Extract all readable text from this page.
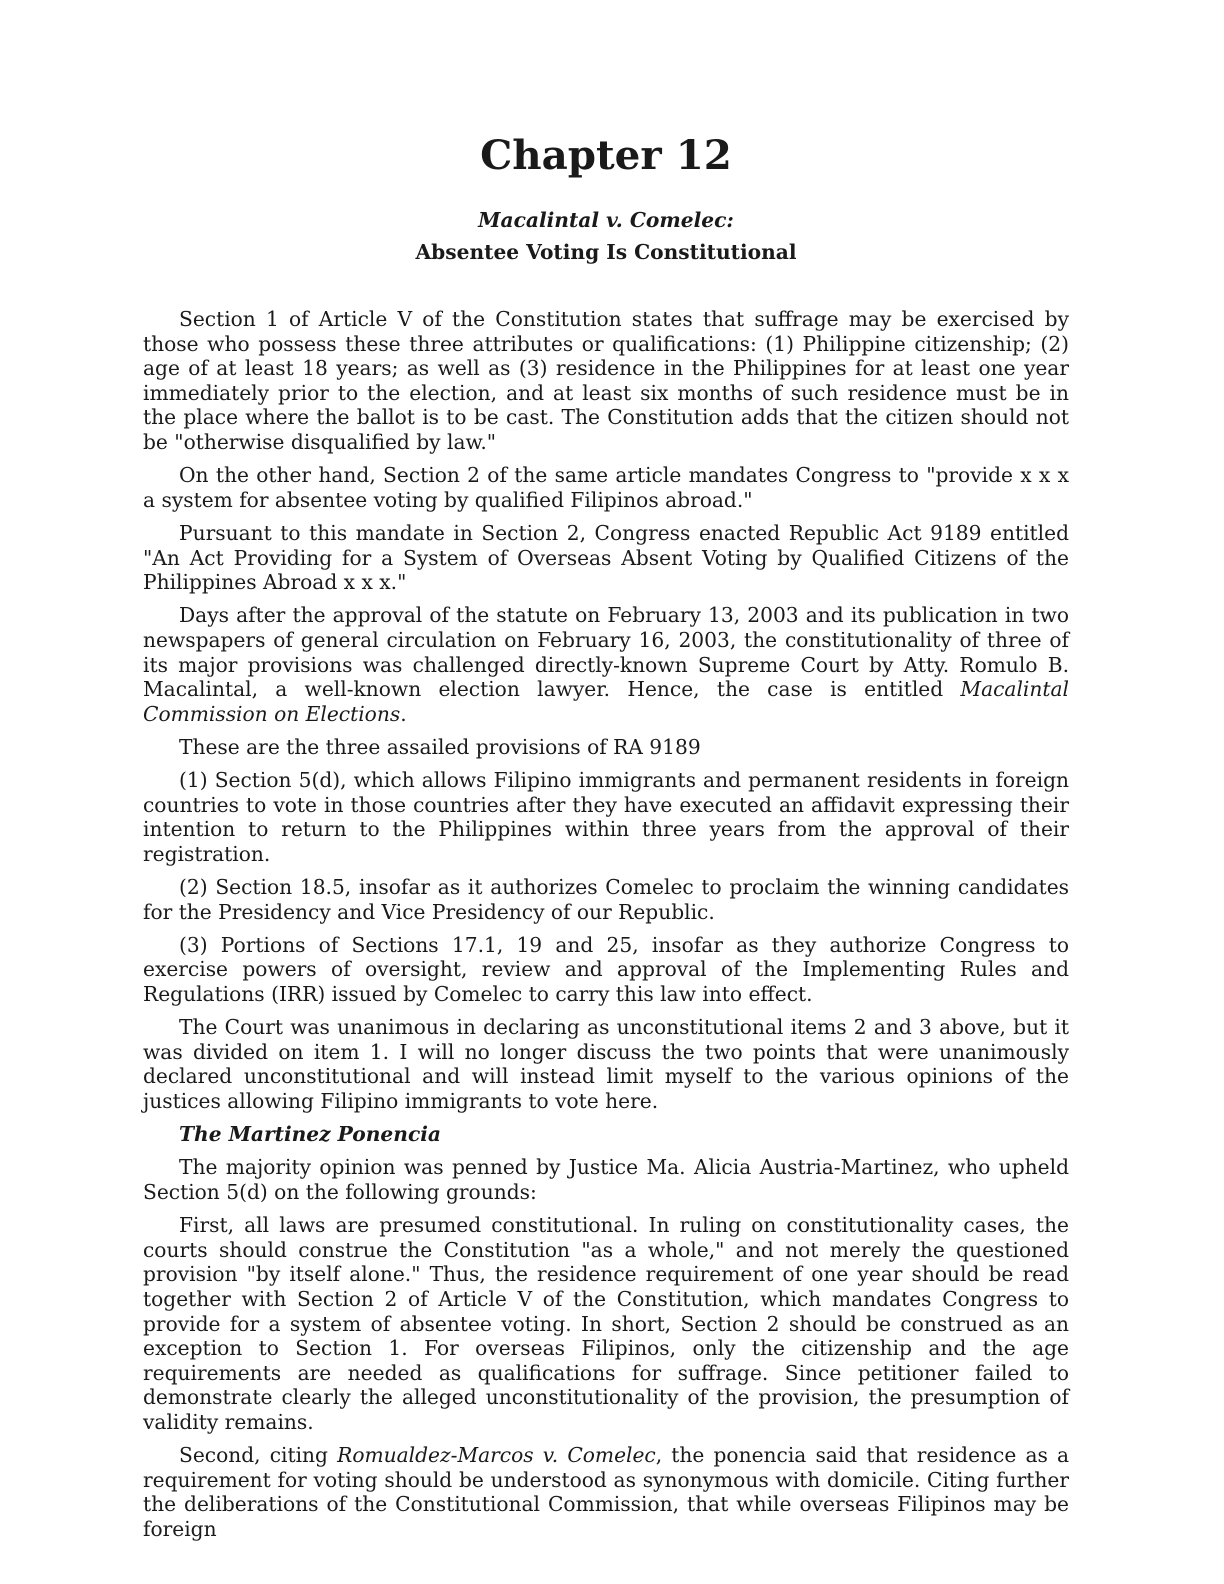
Chapter 12
Macalintal v. Comelec:
Absentee Voting Is Constitutional

Section 1 of Article V of the Constitution states that suffrage may be exercised by those who possess these three attributes or qualifications: (1) Philippine citizenship; (2) age of at least 18 years; as well as (3) residence in the Philippines for at least one year immediately prior to the election, and at least six months of such residence must be in the place where the ballot is to be cast. The Constitution adds that the citizen should not be "otherwise disqualified by law."

On the other hand, Section 2 of the same article mandates Congress to "provide x x x a system for absentee voting by qualified Filipinos abroad."

Pursuant to this mandate in Section 2, Congress enacted Republic Act 9189 entitled "An Act Providing for a System of Overseas Absent Voting by Qualified Citizens of the Philippines Abroad x x x."

Days after the approval of the statute on February 13, 2003 and its publication in two newspapers of general circulation on February 16, 2003, the constitutionality of three of its major provisions was challenged directly-known Supreme Court by Atty. Romulo B. Macalintal, a well-known election lawyer. Hence, the case is entitled Macalintal Commission on Elections.

These are the three assailed provisions of RA 9189

(1) Section 5(d), which allows Filipino immigrants and permanent residents in foreign countries to vote in those countries after they have executed an affidavit expressing their intention to return to the Philippines within three years from the approval of their registration.

(2) Section 18.5, insofar as it authorizes Comelec to proclaim the winning candidates for the Presidency and Vice Presidency of our Republic.

(3) Portions of Sections 17.1, 19 and 25, insofar as they authorize Congress to exercise powers of oversight, review and approval of the Implementing Rules and Regulations (IRR) issued by Comelec to carry this law into effect.

The Court was unanimous in declaring as unconstitutional items 2 and 3 above, but it was divided on item 1. I will no longer discuss the two points that were unanimously declared unconstitutional and will instead limit myself to the various opinions of the justices allowing Filipino immigrants to vote here.

The Martinez Ponencia

The majority opinion was penned by Justice Ma. Alicia Austria-Martinez, who upheld Section 5(d) on the following grounds:

First, all laws are presumed constitutional. In ruling on constitutionality cases, the courts should construe the Constitution "as a whole," and not merely the questioned provision "by itself alone." Thus, the residence requirement of one year should be read together with Section 2 of Article V of the Constitution, which mandates Congress to provide for a system of absentee voting. In short, Section 2 should be construed as an exception to Section 1. For overseas Filipinos, only the citizenship and the age requirements are needed as qualifications for suffrage. Since petitioner failed to demonstrate clearly the alleged unconstitutionality of the provision, the presumption of validity remains.

Second, citing Romualdez-Marcos v. Comelec, the ponencia said that residence as a requirement for voting should be understood as synonymous with domicile. Citing further the deliberations of the Constitutional Commission, that while overseas Filipinos may be foreign
